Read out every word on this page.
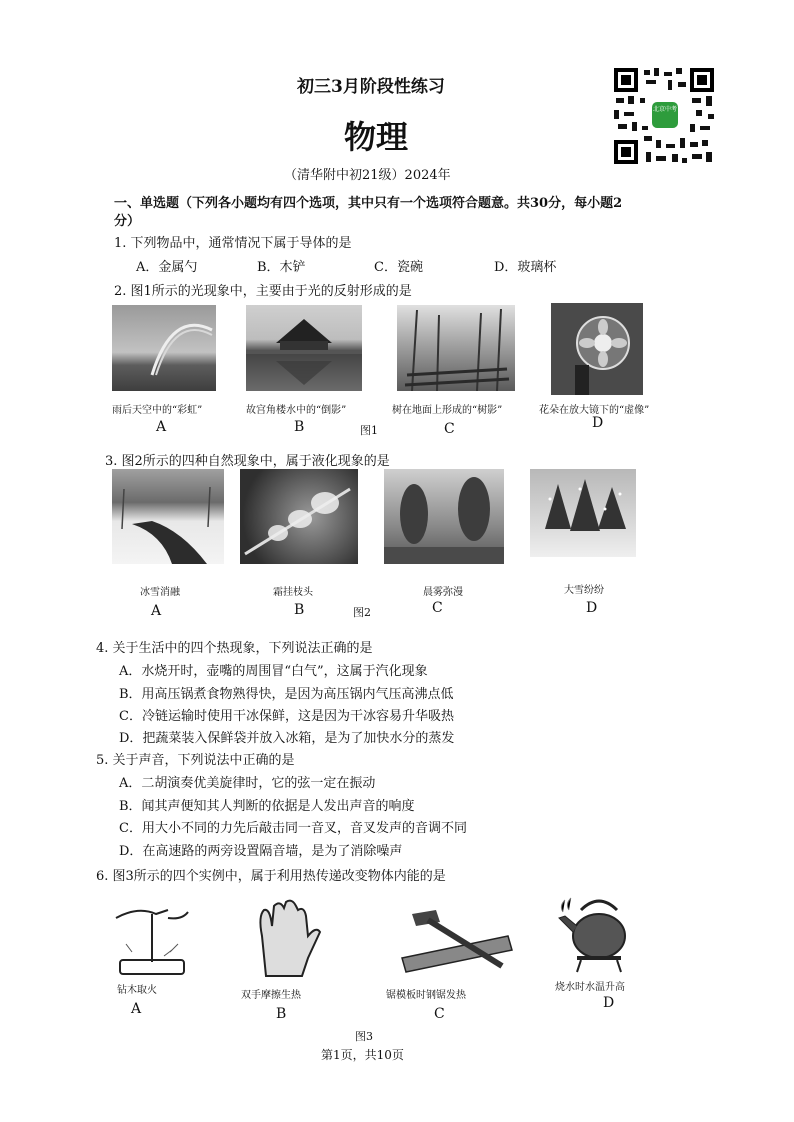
初三3月阶段性练习
物理
（清华附中初21级）2024年
北京中考
一、单选题（下列各小题均有四个选项，其中只有一个选项符合题意。共30分，每小题2
分）
1. 下列物品中，通常情况下属于导体的是
A．金属勺	B．木铲	C．瓷碗	D．玻璃杯
2. 图1所示的光现象中，主要由于光的反射形成的是
雨后天空中的“彩虹”	故宫角楼水中的“倒影”	树在地面上形成的“树影”	花朵在放大镜下的“虚像”
A	B	图1	C	D
3. 图2所示的四种自然现象中，属于液化现象的是
冰雪消融	霜挂枝头	晨雾弥漫	大雪纷纷
A	B	图2	C	D
4. 关于生活中的四个热现象，下列说法正确的是
A．水烧开时，壶嘴的周围冒“白气”，这属于汽化现象
B．用高压锅煮食物熟得快，是因为高压锅内气压高沸点低
C．冷链运输时使用干冰保鲜，这是因为干冰容易升华吸热
D．把蔬菜装入保鲜袋并放入冰箱，是为了加快水分的蒸发
5. 关于声音，下列说法中正确的是
A．二胡演奏优美旋律时，它的弦一定在振动
B．闻其声便知其人判断的依据是人发出声音的响度
C．用大小不同的力先后敲击同一音叉，音叉发声的音调不同
D．在高速路的两旁设置隔音墙，是为了消除噪声
6. 图3所示的四个实例中，属于利用热传递改变物体内能的是
钻木取火	双手摩擦生热	锯模板时钢锯发热
烧水时水温升高
A	B	C
D
图3
第1页，共10页
